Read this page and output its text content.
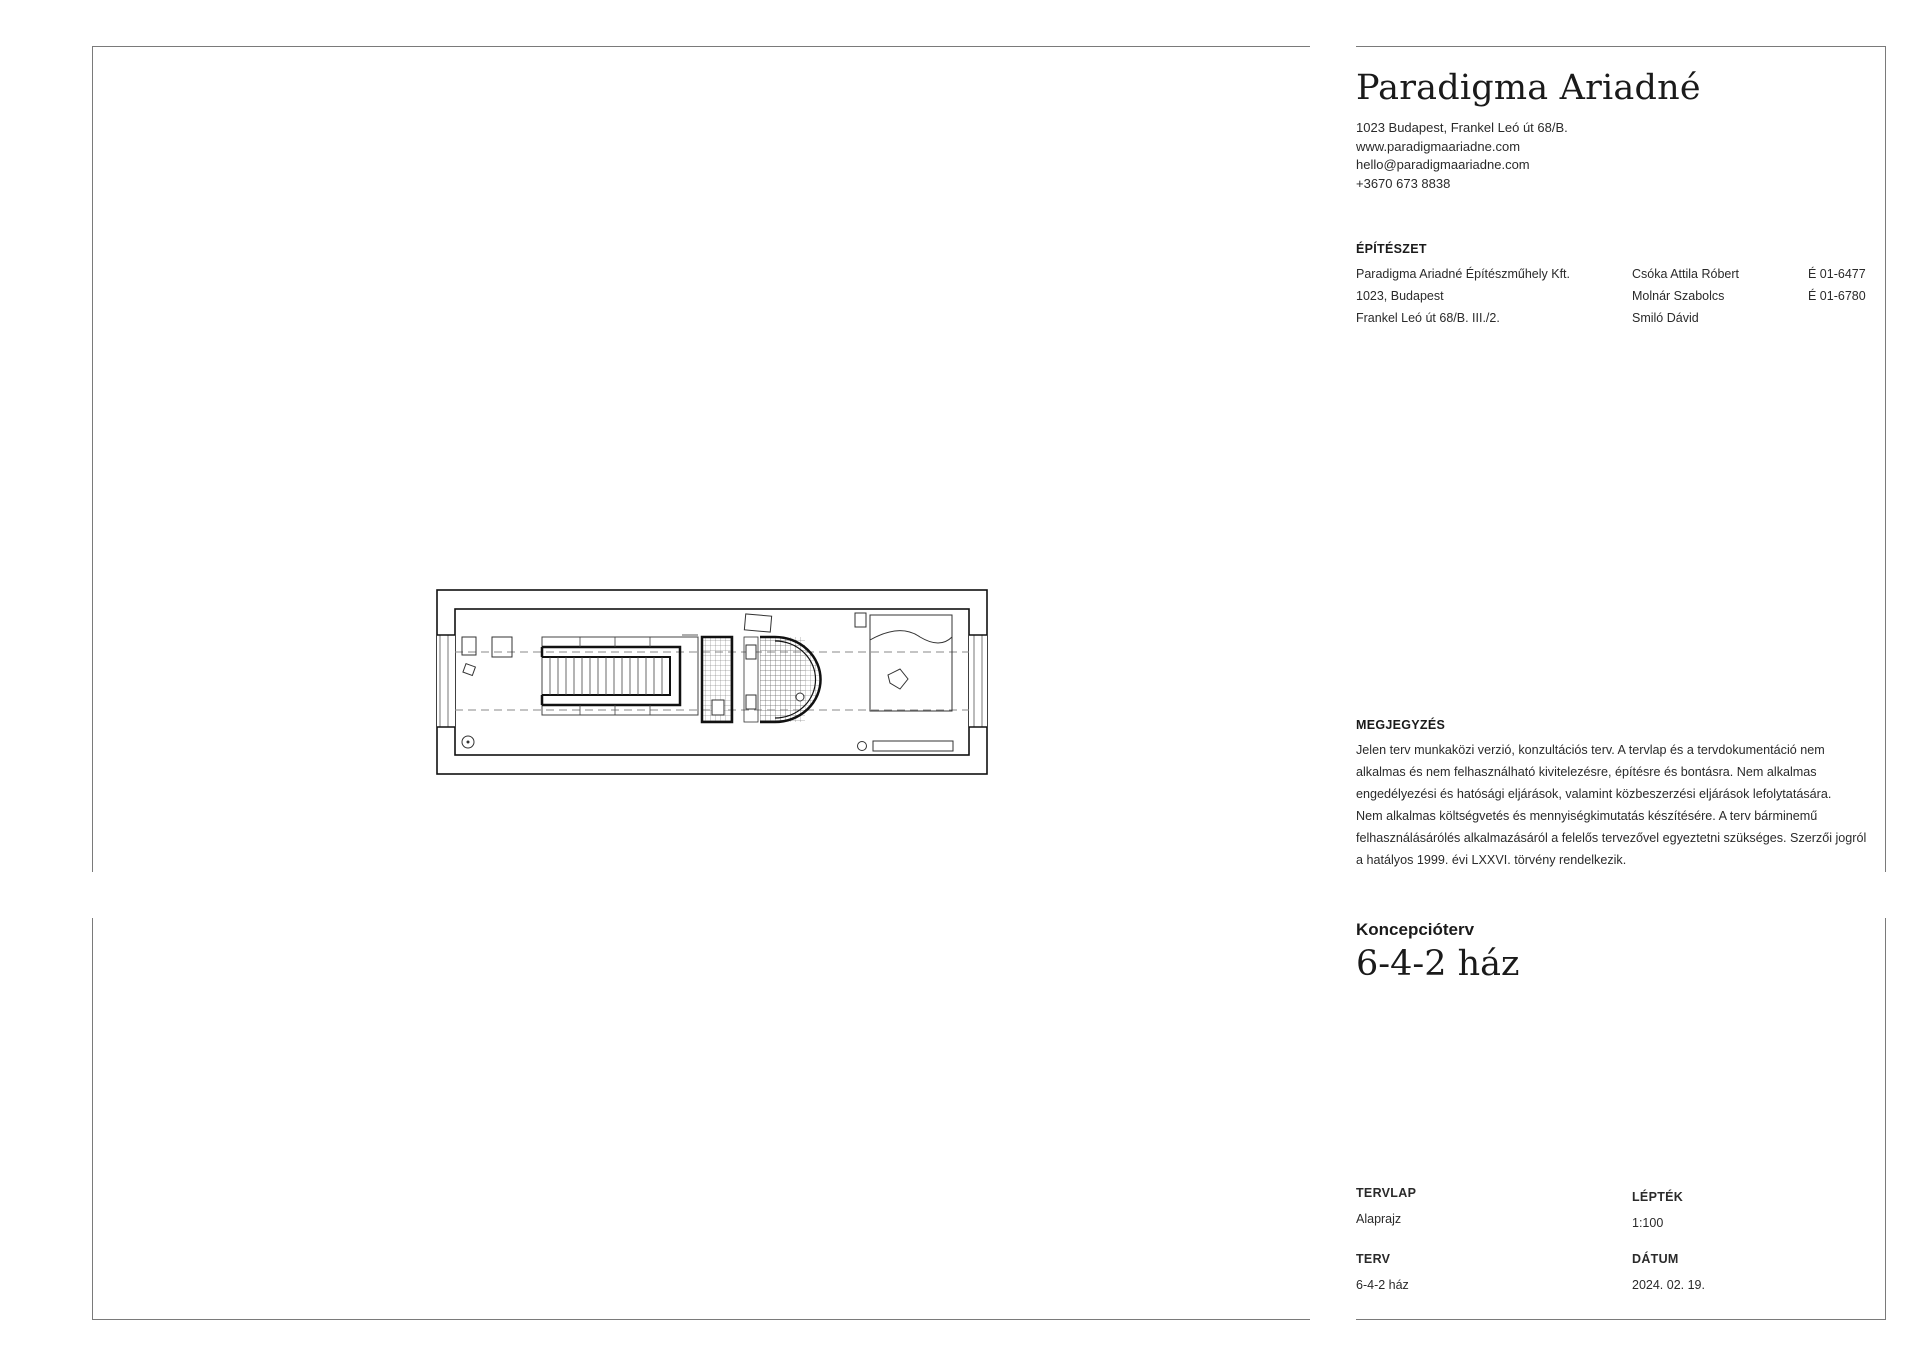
Paradigma Ariadné
1023 Budapest, Frankel Leó út 68/B.
www.paradigmaariadne.com
hello@paradigmaariadne.com
+3670 673 8838
ÉPÍTÉSZET
Paradigma Ariadné Építészműhely Kft.
1023, Budapest
Frankel Leó út 68/B. III./2.
Csóka Attila Róbert
Molnár Szabolcs
Smiló Dávid
É 01-6477
É 01-6780
MEGJEGYZÉS
Jelen terv munkaközi verzió, konzultációs terv. A tervlap és a tervdokumentáció nem
alkalmas és nem felhasználható kivitelezésre, építésre és bontásra. Nem alkalmas
engedélyezési és hatósági eljárások, valamint közbeszerzési eljárások lefolytatására.
Nem alkalmas költségvetés és mennyiségkimutatás készítésére. A terv bárminemű
felhasználásárólés alkalmazásáról a felelős tervezővel egyeztetni szükséges. Szerzői jogról
a hatályos 1999. évi LXXVI. törvény rendelkezik.
Koncepcióterv
6-4-2 ház
TERVLAP
Alaprajz
LÉPTÉK
1:100
TERV
6-4-2 ház
DÁTUM
2024. 02. 19.
